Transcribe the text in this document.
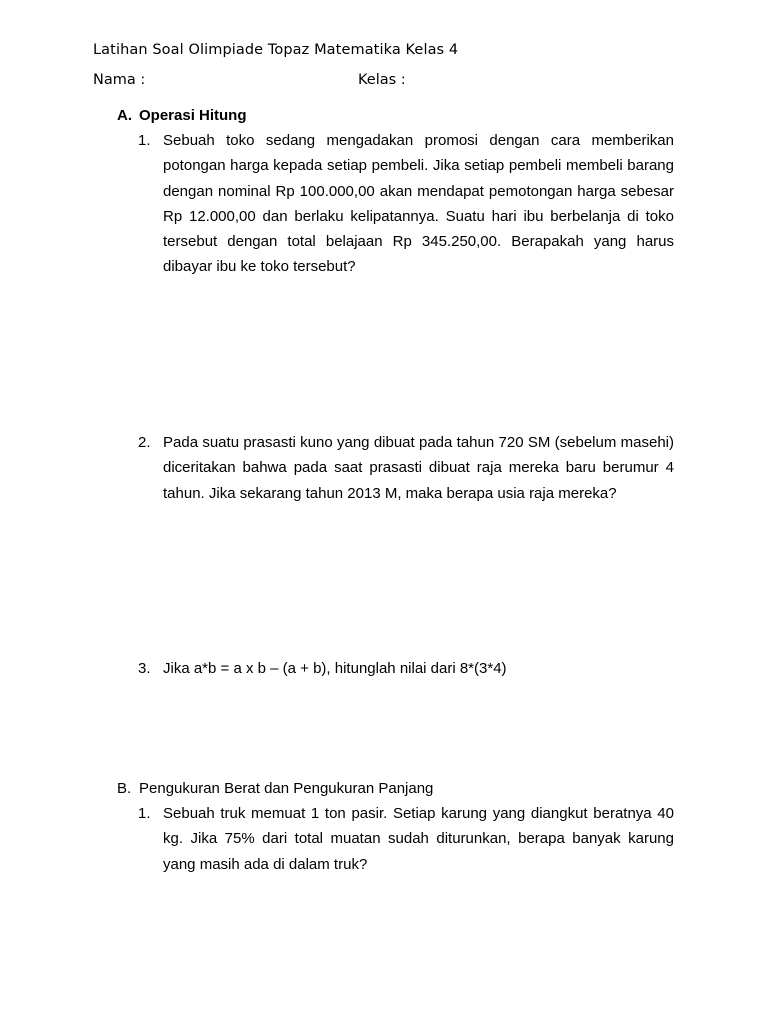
Latihan Soal Olimpiade Topaz Matematika Kelas 4
Nama :	Kelas :
A. Operasi Hitung
1. Sebuah toko sedang mengadakan promosi dengan cara memberikan potongan harga kepada setiap pembeli. Jika setiap pembeli membeli barang dengan nominal Rp 100.000,00 akan mendapat pemotongan harga sebesar Rp 12.000,00 dan berlaku kelipatannya. Suatu hari ibu berbelanja di toko tersebut dengan total belajaan Rp 345.250,00. Berapakah yang harus dibayar ibu ke toko tersebut?
2. Pada suatu prasasti kuno yang dibuat pada tahun 720 SM (sebelum masehi) diceritakan bahwa pada saat prasasti dibuat raja mereka baru berumur 4 tahun. Jika sekarang tahun 2013 M, maka berapa usia raja mereka?
3. Jika a*b = a x b – (a + b), hitunglah nilai dari 8*(3*4)
B. Pengukuran Berat dan Pengukuran Panjang
1. Sebuah truk memuat 1 ton pasir. Setiap karung yang diangkut beratnya 40 kg. Jika 75% dari total muatan sudah diturunkan, berapa banyak karung yang masih ada di dalam truk?
